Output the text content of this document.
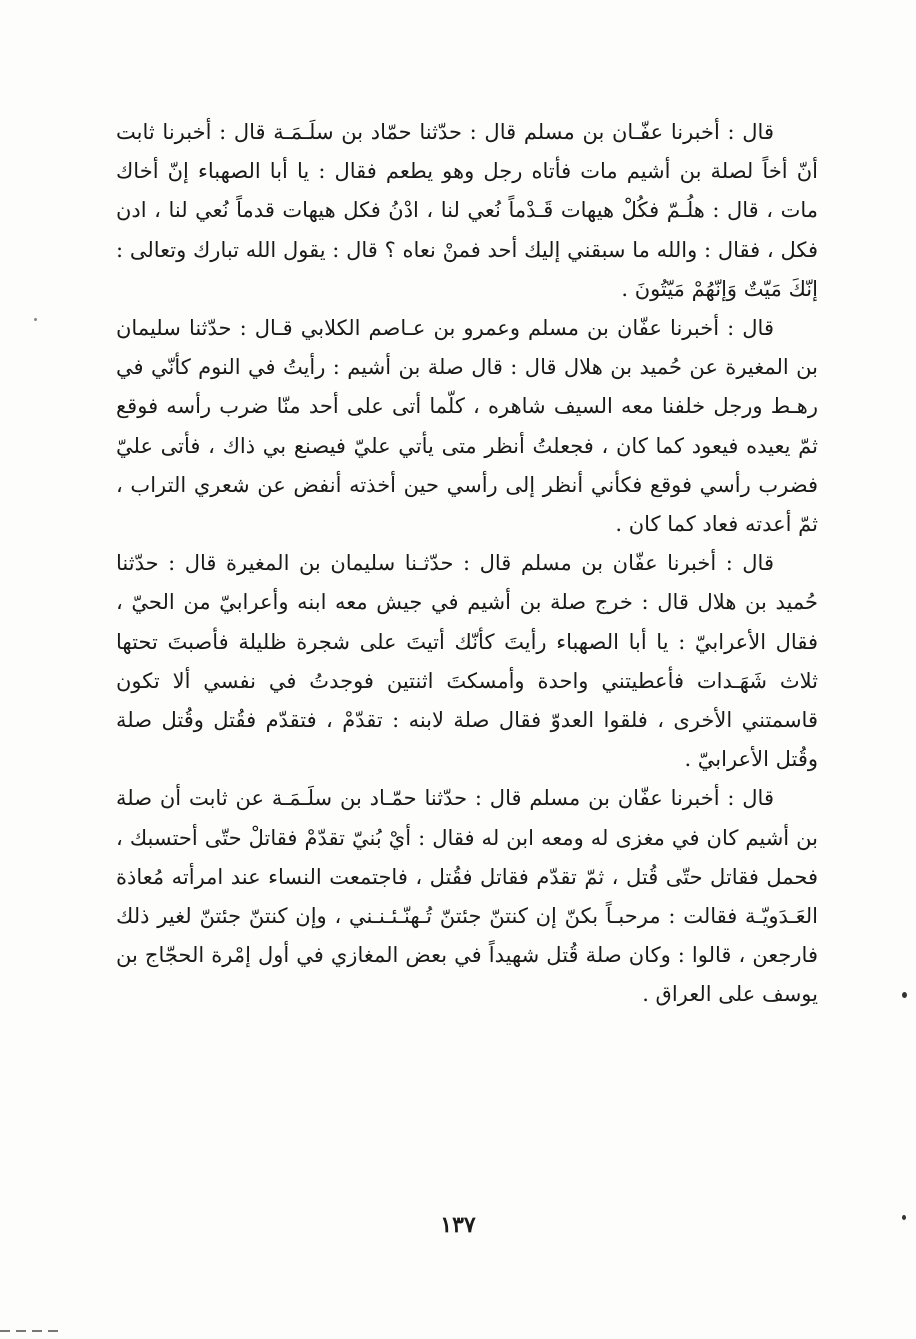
قال : أخبرنا عفّـان بن مسلم قال : حدّثنا حمّاد بن سلَـمَـة قال : أخبرنا ثابت أنّ أخاً لصلة بن أشيم مات فأتاه رجل وهو يطعم فقال : يا أبا الصهباء إنّ أخاك مات ، قال : هلُـمّ فكُلْ هيهات قَـدْماً نُعي لنا ، ادْنُ فكل هيهات قدماً نُعي لنا ، ادن فكل ، فقال : والله ما سبقني إليك أحد فمنْ نعاه ؟ قال : يقول الله تبارك وتعالى : إنّكَ مَيّتٌ وَإنّهُمْ مَيّتُونَ .

قال : أخبرنا عفّان بن مسلم وعمرو بن عـاصم الكلابي قـال : حدّثنا سليمان بن المغيرة عن حُميد بن هلال قال : قال صلة بن أشيم : رأيتُ في النوم كأنّي في رهـط ورجل خلفنا معه السيف شاهره ، كلّما أتى على أحد منّا ضرب رأسه فوقع ثمّ يعيده فيعود كما كان ، فجعلتُ أنظر متى يأتي عليّ فيصنع بي ذاك ، فأتى عليّ فضرب رأسي فوقع فكأني أنظر إلى رأسي حين أخذته أنفض عن شعري التراب ، ثمّ أعدته فعاد كما كان .

قال : أخبرنا عفّان بن مسلم قال : حدّثـنا سليمان بن المغيرة قال : حدّثنا حُميد بن هلال قال : خرج صلة بن أشيم في جيش معه ابنه وأعرابيّ من الحيّ ، فقال الأعرابيّ : يا أبا الصهباء رأيتَ كأنّك أتيتَ على شجرة ظليلة فأصبتَ تحتها ثلاث شَهَـدات فأعطيتني واحدة وأمسكتَ اثنتين فوجدتُ في نفسي ألا تكون قاسمتني الأخرى ، فلقوا العدوّ فقال صلة لابنه : تقدّمْ ، فتقدّم فقُتل وقُتل صلة وقُتل الأعرابيّ .

قال : أخبرنا عفّان بن مسلم قال : حدّثنا حمّـاد بن سلَـمَـة عن ثابت أن صلة بن أشيم كان في مغزى له ومعه ابن له فقال : أيْ بُنيّ تقدّمْ فقاتلْ حتّى أحتسبك ، فحمل فقاتل حتّى قُتل ، ثمّ تقدّم فقاتل فقُتل ، فاجتمعت النساء عند امرأته مُعاذة العَـدَويّـة فقالت : مرحبـاً بكنّ إن كنتنّ جئتنّ تُـهنّـئـنـني ، وإن كنتنّ جئتنّ لغير ذلك فارجعن ، قالوا : وكان صلة قُتل شهيداً في بعض المغازي في أول إمْرة الحجّاج بن يوسف على العراق .

١٣٧
